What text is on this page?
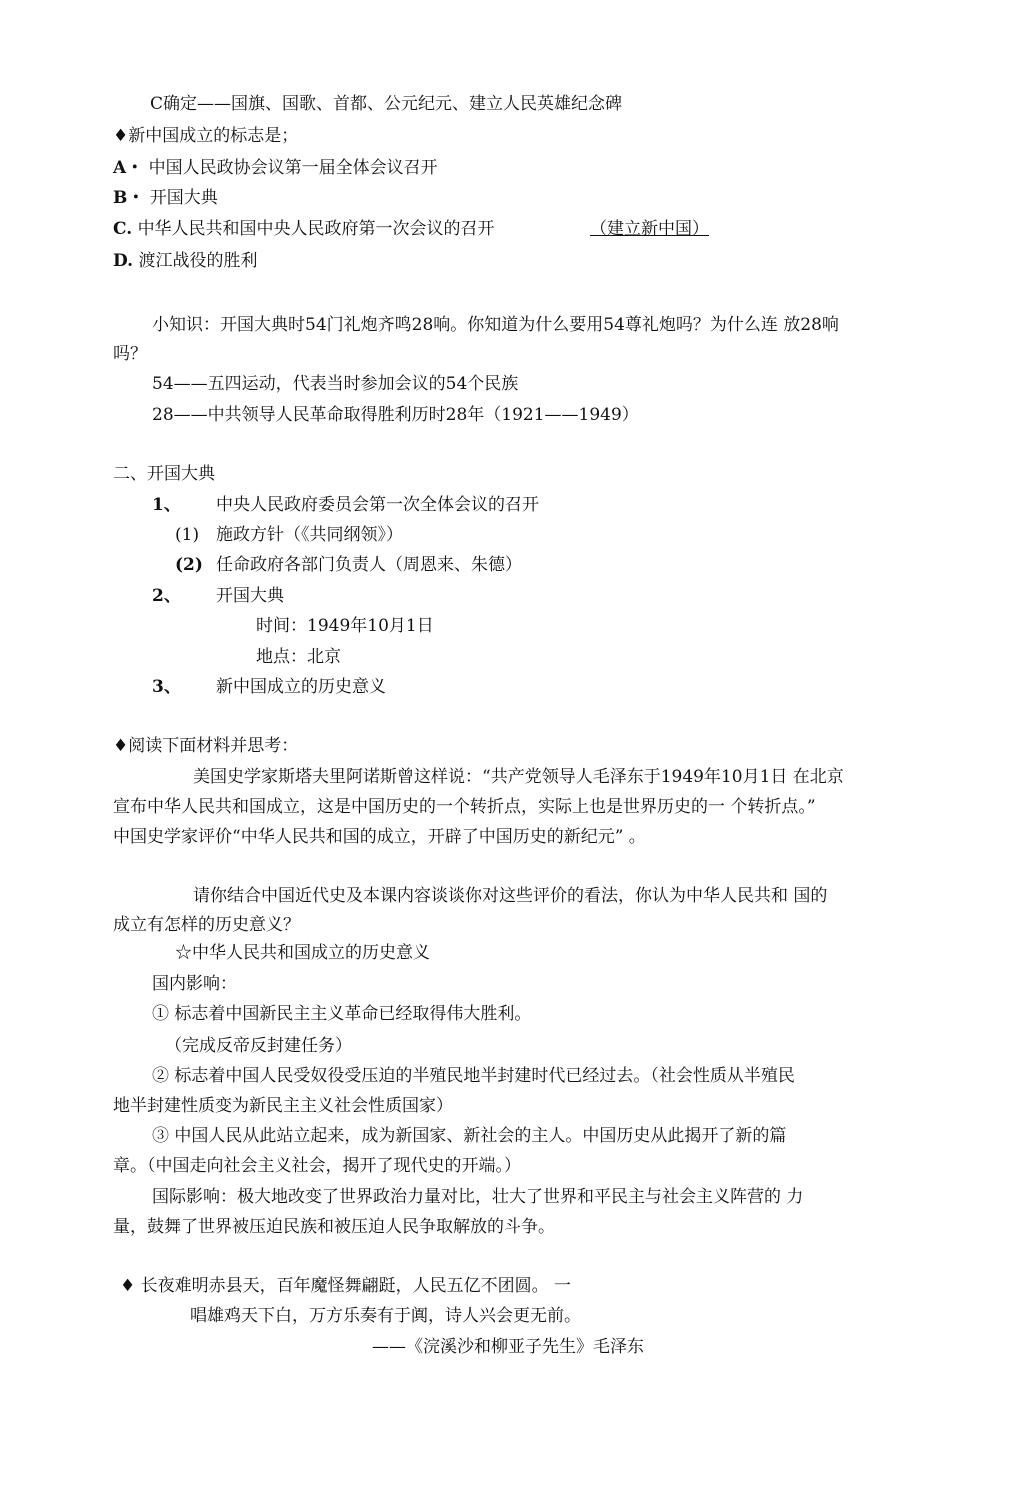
C确定——国旗、国歌、首都、公元纪元、建立人民英雄纪念碑
♦新中国成立的标志是；
A・ 中国人民政协会议第一届全体会议召开
B・ 开国大典
C. 中华人民共和国中央人民政府第一次会议的召开	（建立新中国）
D. 渡江战役的胜利
小知识：开国大典时54门礼炮齐鸣28响。你知道为什么要用54尊礼炮吗？为什么连 放28响
吗？
54——五四运动，代表当时参加会议的54个民族
28——中共领导人民革命取得胜利历时28年（1921——1949）
二、开国大典
1、 中央人民政府委员会第一次全体会议的召开
(1) 施政方针（《共同纲领》）
(2) 任命政府各部门负责人（周恩来、朱德）
2、 开国大典
时间：1949年10月1日
地点：北京
3、 新中国成立的历史意义
♦阅读下面材料并思考：
美国史学家斯塔夫里阿诺斯曾这样说：“共产党领导人毛泽东于1949年10月1日 在北京
宣布中华人民共和国成立，这是中国历史的一个转折点，实际上也是世界历史的一 个转折点。”
中国史学家评价“中华人民共和国的成立，开辟了中国历史的新纪元” 。
请你结合中国近代史及本课内容谈谈你对这些评价的看法，你认为中华人民共和 国的
成立有怎样的历史意义？
☆中华人民共和国成立的历史意义
国内影响：
① 标志着中国新民主主义革命已经取得伟大胜利。
（完成反帝反封建任务）
② 标志着中国人民受奴役受压迫的半殖民地半封建时代已经过去。（社会性质从半殖民
地半封建性质变为新民主主义社会性质国家）
③ 中国人民从此站立起来，成为新国家、新社会的主人。中国历史从此揭开了新的篇
章。（中国走向社会主义社会，揭开了现代史的开端。）
国际影响：极大地改变了世界政治力量对比，壮大了世界和平民主与社会主义阵营的 力
量，鼓舞了世界被压迫民族和被压迫人民争取解放的斗争。
♦ 长夜难明赤县天，百年魔怪舞翩跹，人民五亿不团圆。 一
唱雄鸡天下白，万方乐奏有于阗，诗人兴会更无前。
——《浣溪沙和柳亚子先生》毛泽东
